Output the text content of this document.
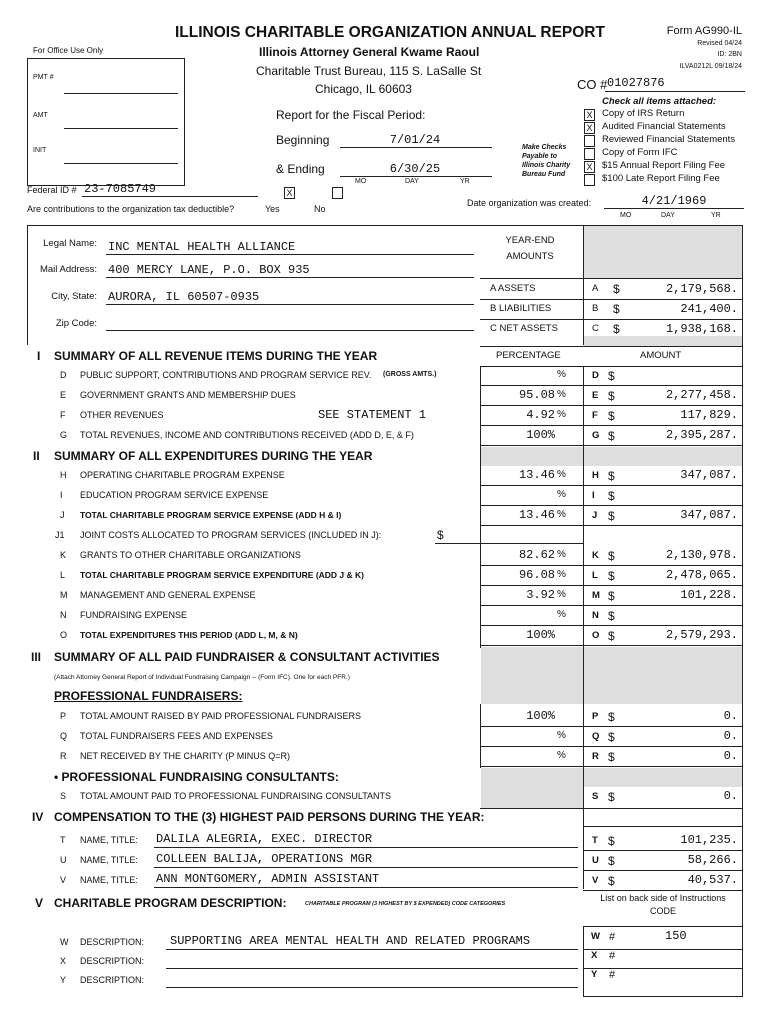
ILLINOIS CHARITABLE ORGANIZATION ANNUAL REPORT
For Office Use Only	Illinois Attorney General Kwame Raoul
Charitable Trust Bureau, 115 S. LaSalle St
Chicago, IL 60603
Form AG990-IL
Revised 04/24
ID: 2BN
ILVA0212L 09/18/24
PMT #
AMT
INIT
CO # 01027876
Report for the Fiscal Period:
Beginning	7/01/24
& Ending	6/30/25
MO	DAY	YR
Make Checks
Payable to
Illinois Charity
Bureau Fund
Check all items attached:
X Copy of IRS Return
X Audited Financial Statements
Reviewed Financial Statements
Copy of Form IFC
X $15 Annual Report Filing Fee
$100 Late Report Filing Fee
Federal ID # 23-7085749
Are contributions to the organization tax deductible?
X
Yes	No
Date organization was created:	4/21/1969
MO	DAY	YR
Legal Name: INC MENTAL HEALTH ALLIANCE
Mail Address: 400 MERCY LANE, P.O. BOX 935
City, State: AURORA, IL 60507-0935
Zip Code:
YEAR-END
AMOUNTS
A ASSETS	A $	2,179,568.
B LIABILITIES	B $	241,400.
C NET ASSETS	C $	1,938,168.
I SUMMARY OF ALL REVENUE ITEMS DURING THE YEAR	PERCENTAGE	AMOUNT
II SUMMARY OF ALL EXPENDITURES DURING THE YEAR
III SUMMARY OF ALL PAID FUNDRAISER & CONSULTANT ACTIVITIES
(Attach Attorney General Report of Individual Fundraising Campaign -- (Form IFC). One for each PFR.)
PROFESSIONAL FUNDRAISERS:
• PROFESSIONAL FUNDRAISING CONSULTANTS:
IV COMPENSATION TO THE (3) HIGHEST PAID PERSONS DURING THE YEAR:
V CHARITABLE PROGRAM DESCRIPTION:	CHARITABLE PROGRAM (3 HIGHEST BY $ EXPENDED) CODE CATEGORIES
List on back side of Instructions
CODE
D PUBLIC SUPPORT, CONTRIBUTIONS AND PROGRAM SERVICE REV. (GROSS AMTS.)	%	D $
E GOVERNMENT GRANTS AND MEMBERSHIP DUES	95.08 %	E $	2,277,458.
F OTHER REVENUES	SEE STATEMENT 1	4.92 %	F $	117,829.
G TOTAL REVENUES, INCOME AND CONTRIBUTIONS RECEIVED (ADD D, E, & F)	100%	G $	2,395,287.
H OPERATING CHARITABLE PROGRAM EXPENSE	13.46 %	H $	347,087.
I EDUCATION PROGRAM SERVICE EXPENSE	%	I $
J TOTAL CHARITABLE PROGRAM SERVICE EXPENSE (ADD H & I)	13.46 %	J $	347,087.
J1 JOINT COSTS ALLOCATED TO PROGRAM SERVICES (INCLUDED IN J):	$
K GRANTS TO OTHER CHARITABLE ORGANIZATIONS	82.62 %	K $	2,130,978.
L TOTAL CHARITABLE PROGRAM SERVICE EXPENDITURE (ADD J & K)	96.08 %	L $	2,478,065.
M MANAGEMENT AND GENERAL EXPENSE	3.92 %	M $	101,228.
N FUNDRAISING EXPENSE	%	N $
O TOTAL EXPENDITURES THIS PERIOD (ADD L, M, & N)	100%	O $	2,579,293.
P TOTAL AMOUNT RAISED BY PAID PROFESSIONAL FUNDRAISERS	100%	P $	0.
Q TOTAL FUNDRAISERS FEES AND EXPENSES	%	Q $	0.
R NET RECEIVED BY THE CHARITY (P MINUS Q=R)	%	R $	0.
S TOTAL AMOUNT PAID TO PROFESSIONAL FUNDRAISING CONSULTANTS	S $	0.
T NAME, TITLE: DALILA ALEGRIA, EXEC. DIRECTOR	T $	101,235.
U NAME, TITLE: COLLEEN BALIJA, OPERATIONS MGR	U $	58,266.
V NAME, TITLE: ANN MONTGOMERY, ADMIN ASSISTANT	V $	40,537.
W DESCRIPTION: SUPPORTING AREA MENTAL HEALTH AND RELATED PROGRAMS	W #	150
X DESCRIPTION:	X #
Y DESCRIPTION:	Y #
